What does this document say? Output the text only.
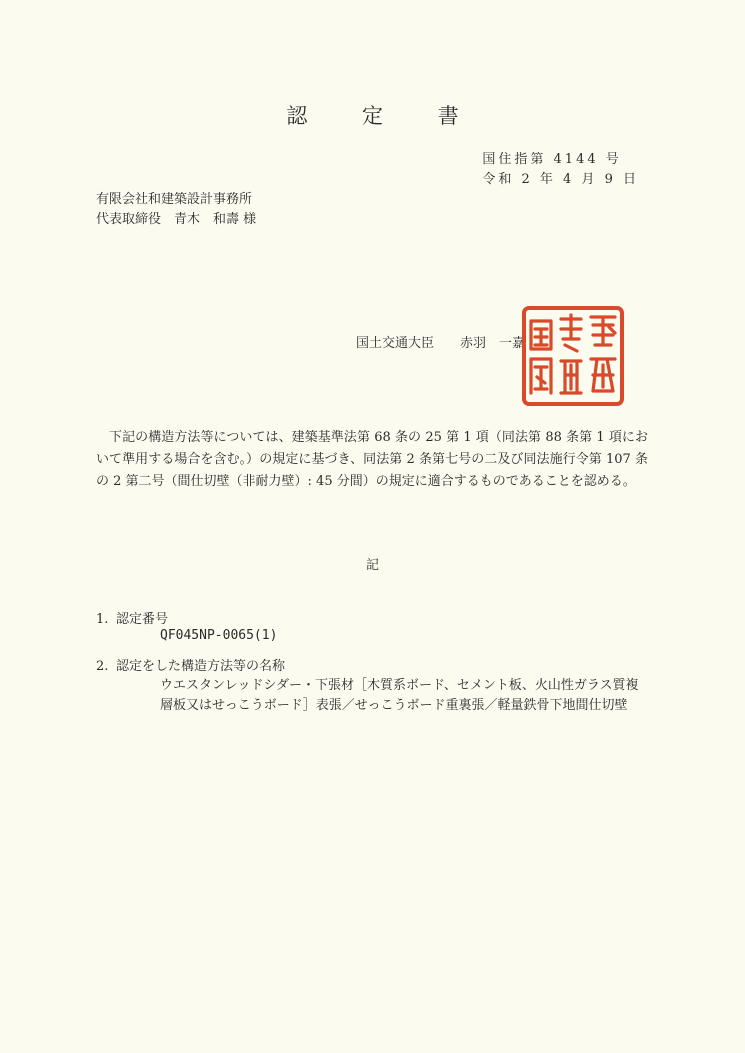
認 定 書
国住指第 4144 号
令和 2 年 4 月 9 日
有限会社和建築設計事務所
代表取締役　青木　和壽 様
国土交通大臣　　赤羽　一嘉
下記の構造方法等については、建築基準法第 68 条の 25 第 1 項（同法第 88 条第 1 項において準用する場合を含む。）の規定に基づき、同法第 2 条第七号の二及び同法施行令第 107 条の 2 第二号（間仕切壁（非耐力壁）: 45 分間）の規定に適合するものであることを認める。
記
1. 認定番号
QF045NP-0065(1)
2. 認定をした構造方法等の名称
ウエスタンレッドシダー・下張材［木質系ボード、セメント板、火山性ガラス質複層板又はせっこうボード］表張／せっこうボード重裏張／軽量鉄骨下地間仕切壁
